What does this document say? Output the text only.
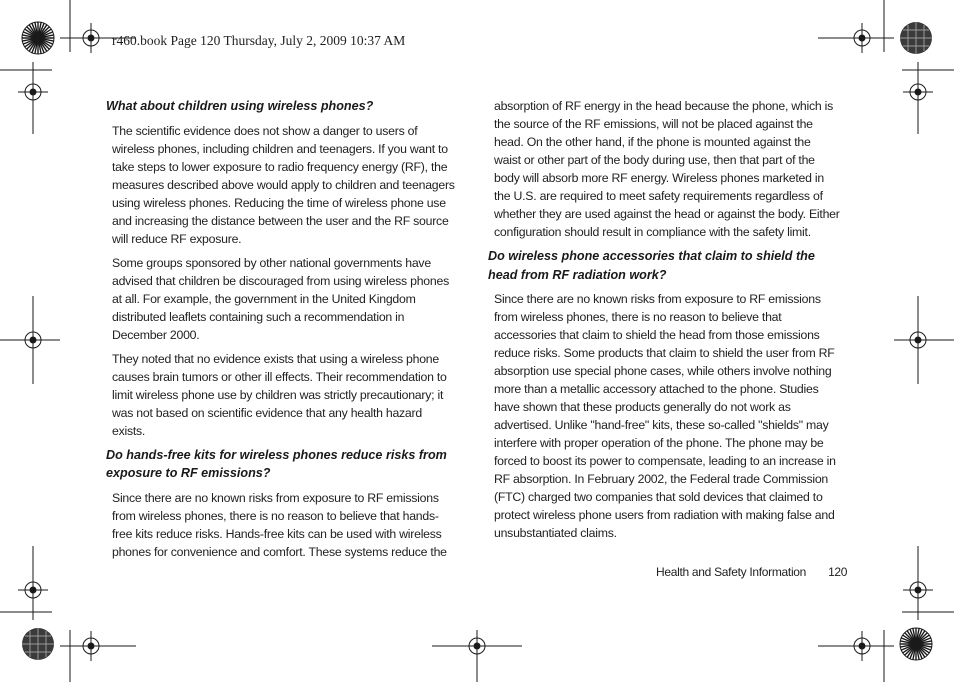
r460.book Page 120 Thursday, July 2, 2009 10:37 AM
What about children using wireless phones?
The scientific evidence does not show a danger to users of wireless phones, including children and teenagers. If you want to take steps to lower exposure to radio frequency energy (RF), the measures described above would apply to children and teenagers using wireless phones. Reducing the time of wireless phone use and increasing the distance between the user and the RF source will reduce RF exposure.
Some groups sponsored by other national governments have advised that children be discouraged from using wireless phones at all. For example, the government in the United Kingdom distributed leaflets containing such a recommendation in December 2000.
They noted that no evidence exists that using a wireless phone causes brain tumors or other ill effects. Their recommendation to limit wireless phone use by children was strictly precautionary; it was not based on scientific evidence that any health hazard exists.
Do hands-free kits for wireless phones reduce risks from exposure to RF emissions?
Since there are no known risks from exposure to RF emissions from wireless phones, there is no reason to believe that hands-free kits reduce risks. Hands-free kits can be used with wireless phones for convenience and comfort. These systems reduce the
absorption of RF energy in the head because the phone, which is the source of the RF emissions, will not be placed against the head. On the other hand, if the phone is mounted against the waist or other part of the body during use, then that part of the body will absorb more RF energy. Wireless phones marketed in the U.S. are required to meet safety requirements regardless of whether they are used against the head or against the body. Either configuration should result in compliance with the safety limit.
Do wireless phone accessories that claim to shield the head from RF radiation work?
Since there are no known risks from exposure to RF emissions from wireless phones, there is no reason to believe that accessories that claim to shield the head from those emissions reduce risks. Some products that claim to shield the user from RF absorption use special phone cases, while others involve nothing more than a metallic accessory attached to the phone. Studies have shown that these products generally do not work as advertised. Unlike "hand-free" kits, these so-called "shields" may interfere with proper operation of the phone. The phone may be forced to boost its power to compensate, leading to an increase in RF absorption. In February 2002, the Federal trade Commission (FTC) charged two companies that sold devices that claimed to protect wireless phone users from radiation with making false and unsubstantiated claims.
Health and Safety Information 120
